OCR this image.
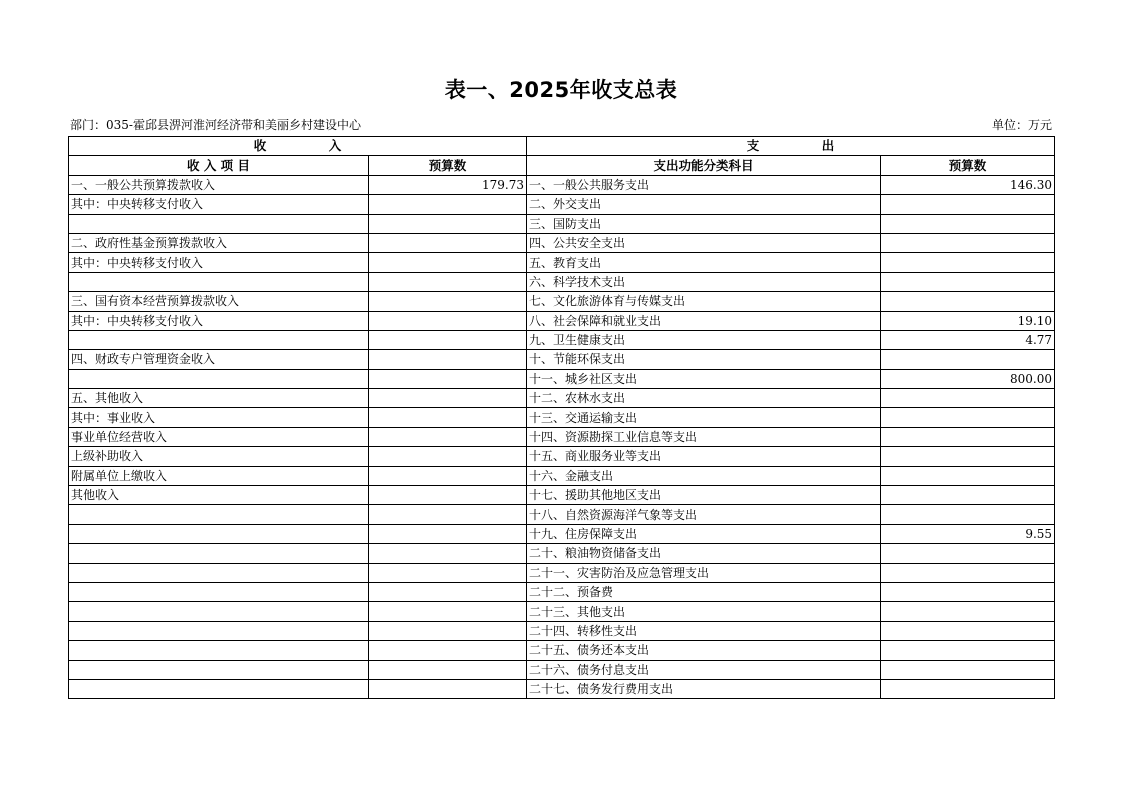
表一、2025年收支总表
部门：035-霍邱县淠河淮河经济带和美丽乡村建设中心	单位：万元
收　　　　　入		支　　　　　出	
收 入 项 目	预算数	支出功能分类科目	预算数
一、一般公共预算拨款收入	179.73	一、一般公共服务支出	146.30
其中：中央转移支付收入		二、外交支出	
		三、国防支出	
二、政府性基金预算拨款收入		四、公共安全支出	
其中：中央转移支付收入		五、教育支出	
		六、科学技术支出	
三、国有资本经营预算拨款收入		七、文化旅游体育与传媒支出	
其中：中央转移支付收入		八、社会保障和就业支出	19.10
		九、卫生健康支出	4.77
四、财政专户管理资金收入		十、节能环保支出	
		十一、城乡社区支出	800.00
五、其他收入		十二、农林水支出	
其中：事业收入		十三、交通运输支出	
事业单位经营收入		十四、资源勘探工业信息等支出	
上级补助收入		十五、商业服务业等支出	
附属单位上缴收入		十六、金融支出	
其他收入		十七、援助其他地区支出	
		十八、自然资源海洋气象等支出	
		十九、住房保障支出	9.55
		二十、粮油物资储备支出	
		二十一、灾害防治及应急管理支出	
		二十二、预备费	
		二十三、其他支出	
		二十四、转移性支出	
		二十五、债务还本支出	
		二十六、债务付息支出	
		二十七、债务发行费用支出	
